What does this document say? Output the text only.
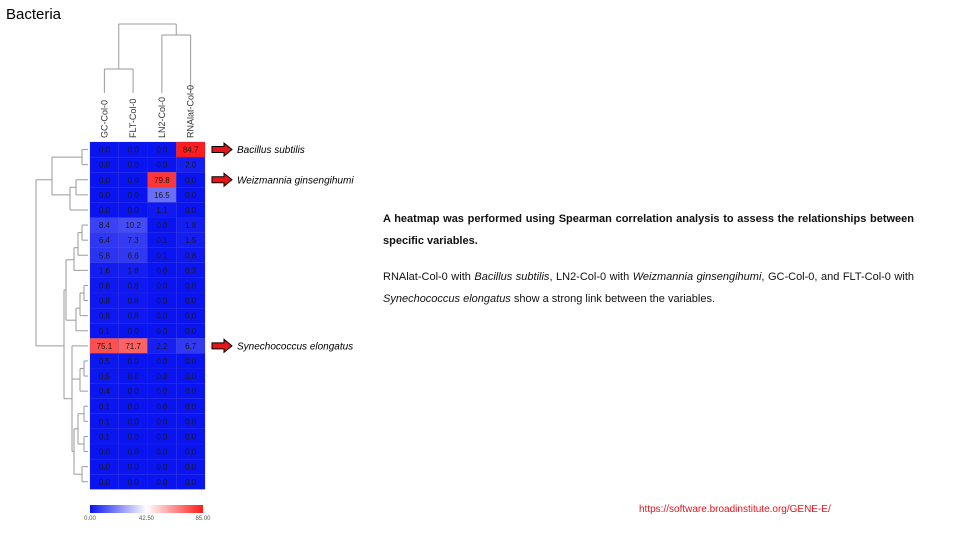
Bacteria
GC-Col-0 FLT-Col-0 LN2-Col-0 RNAlat-Col-0
0.0 0.0 0.0 84.7
0.0 0.0 0.0 2.0
0.0 0.0 79.8 0.0
0.0 0.0 16.5 0.0
0.0 0.0 1.1 0.0
8.4 10.2 0.0 1.8
6.4 7.3 0.1 1.5
5.8 6.6 0.1 0.8
1.6 1.8 0.0 0.3
0.8 0.8 0.0 0.0
0.8 0.8 0.0 0.0
0.8 0.8 0.0 0.0
0.1 0.0 0.0 0.0
75.1 71.7 2.2 6.7
0.5 0.0 0.0 0.0
0.5 0.0 0.0 0.0
0.4 0.0 0.0 0.0
0.1 0.0 0.0 0.0
0.1 0.0 0.0 0.0
0.1 0.0 0.0 0.0
0.0 0.0 0.0 0.0
0.0 0.0 0.0 0.0
0.0 0.0 0.0 0.0
Bacillus subtilis
Weizmannia ginsengihumi
Synechococcus elongatus
0.00	42.50	85.00
A heatmap was performed using Spearman correlation analysis to assess the relationships between specific variables.
RNAlat-Col-0 with Bacillus subtilis, LN2-Col-0 with Weizmannia ginsengihumi, GC-Col-0, and FLT-Col-0 with Synechococcus elongatus show a strong link between the variables.
https://software.broadinstitute.org/GENE-E/
